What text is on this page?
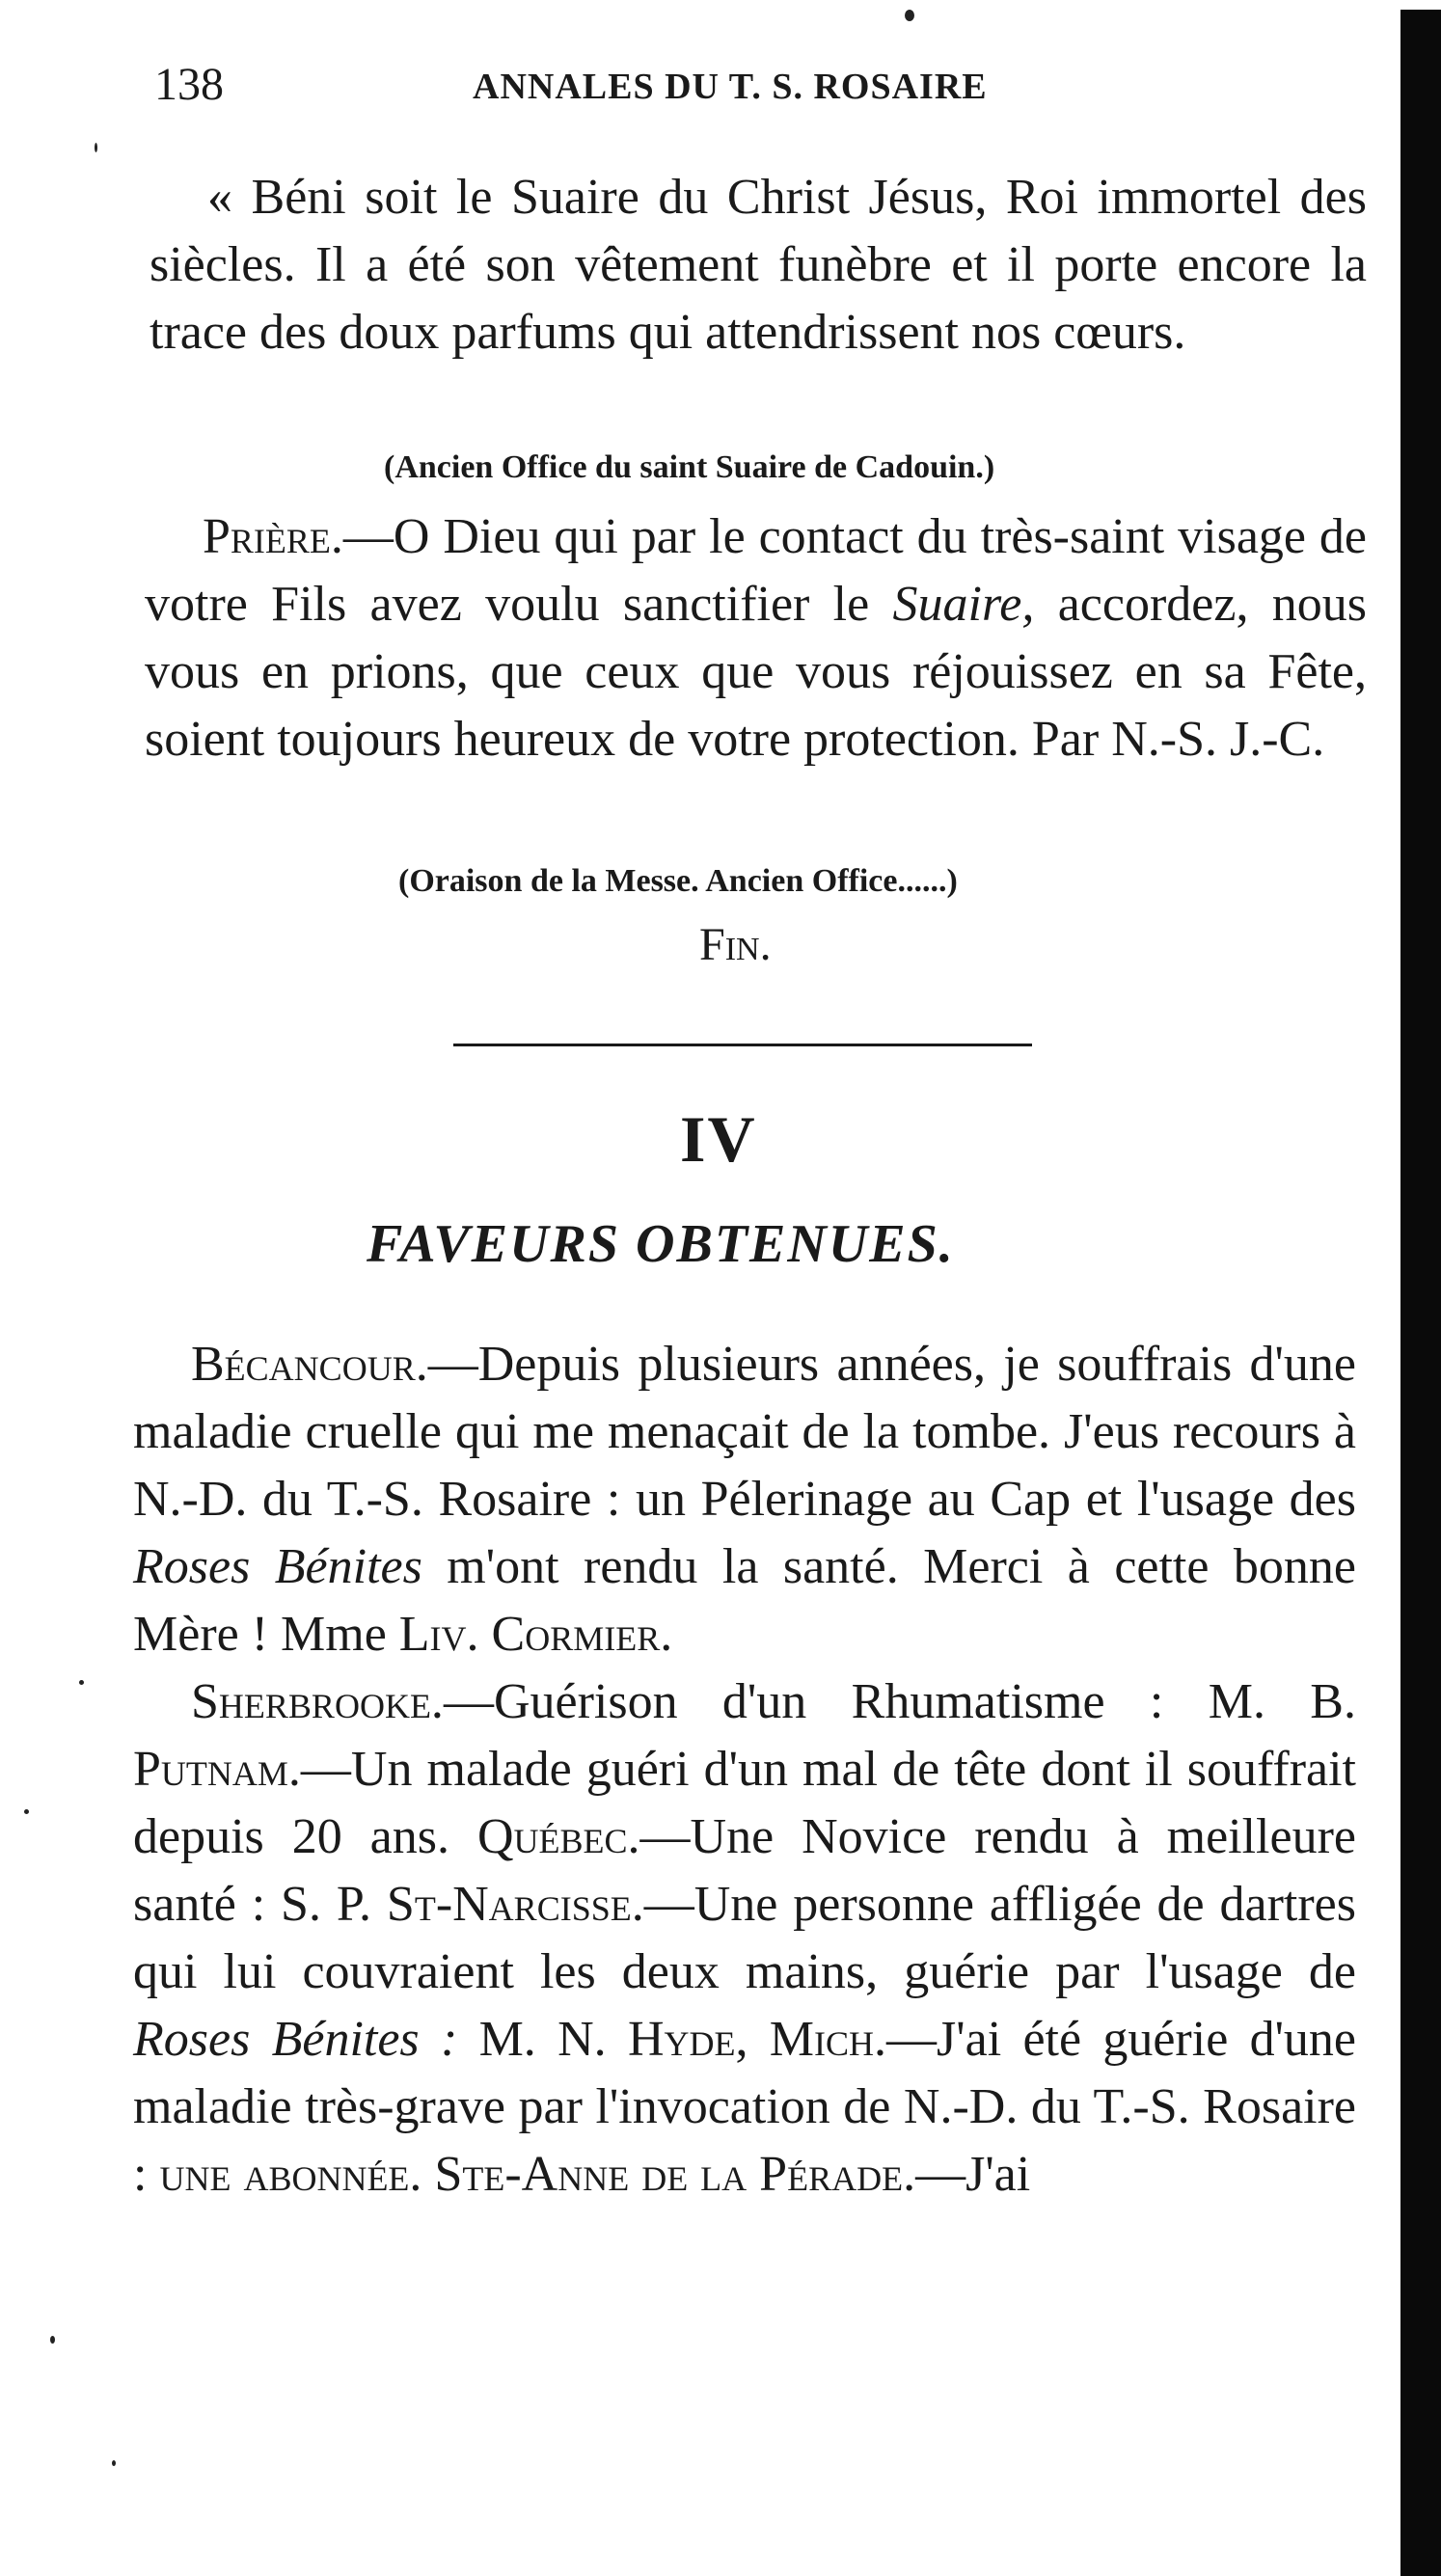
138	ANNALES DU T. S. ROSAIRE

« Béni soit le Suaire du Christ Jésus, Roi immortel des siècles. Il a été son vêtement funèbre et il porte encore la trace des doux parfums qui attendrissent nos cœurs.

(Ancien Office du saint Suaire de Cadouin.)

Prière.—O Dieu qui par le contact du très-saint visage de votre Fils avez voulu sanctifier le Suaire, accordez, nous vous en prions, que ceux que vous réjouissez en sa Fête, soient toujours heureux de votre protection. Par N.-S. J.-C.

(Oraison de la Messe. Ancien Office......)
Fin.
IV
FAVEURS OBTENUES.

Bécancour.—Depuis plusieurs années, je souffrais d'une maladie cruelle qui me menaçait de la tombe. J'eus recours à N.-D. du T.-S. Rosaire : un Pélerinage au Cap et l'usage des Roses Bénites m'ont rendu la santé. Merci à cette bonne Mère ! Mme Liv. Cormier.

Sherbrooke.—Guérison d'un Rhumatisme : M. B. Putnam.—Un malade guéri d'un mal de tête dont il souffrait depuis 20 ans. Québec.—Une Novice rendu à meilleure santé : S. P. St-Narcisse.—Une personne affligée de dartres qui lui couvraient les deux mains, guérie par l'usage de Roses Bénites : M. N. Hyde, Mich.—J'ai été guérie d'une maladie très-grave par l'invocation de N.-D. du T.-S. Rosaire : une abonnée. Ste-Anne de la Pérade.—J'ai
